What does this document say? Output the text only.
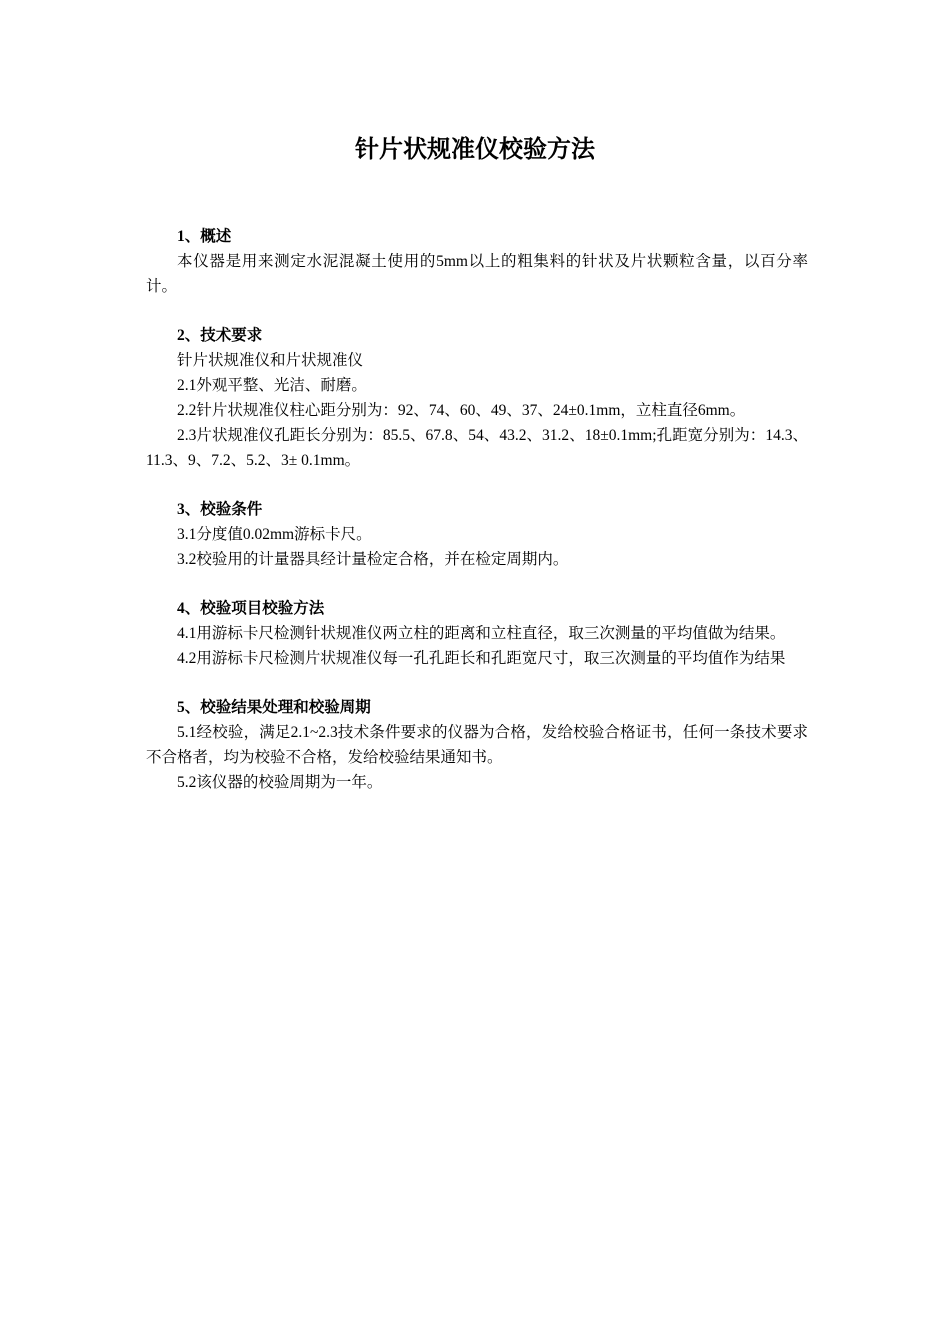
针片状规准仪校验方法

1、概述

本仪器是用来测定水泥混凝土使用的5mm以上的粗集料的针状及片状颗粒含量，以百分率计。

2、技术要求

针片状规准仪和片状规准仪

2.1外观平整、光洁、耐磨。

2.2针片状规准仪柱心距分别为：92、74、60、49、37、24±0.1mm，立柱直径6mm。

2.3片状规准仪孔距长分别为：85.5、67.8、54、43.2、31.2、18±0.1mm;孔距宽分别为：14.3、11.3、9、7.2、5.2、3± 0.1mm。

3、校验条件

3.1分度值0.02mm游标卡尺。

3.2校验用的计量器具经计量检定合格，并在检定周期内。

4、校验项目校验方法

4.1用游标卡尺检测针状规准仪两立柱的距离和立柱直径，取三次测量的平均值做为结果。

4.2用游标卡尺检测片状规准仪每一孔孔距长和孔距宽尺寸，取三次测量的平均值作为结果

5、校验结果处理和校验周期

5.1经校验，满足2.1~2.3技术条件要求的仪器为合格，发给校验合格证书，任何一条技术要求不合格者，均为校验不合格，发给校验结果通知书。

5.2该仪器的校验周期为一年。
